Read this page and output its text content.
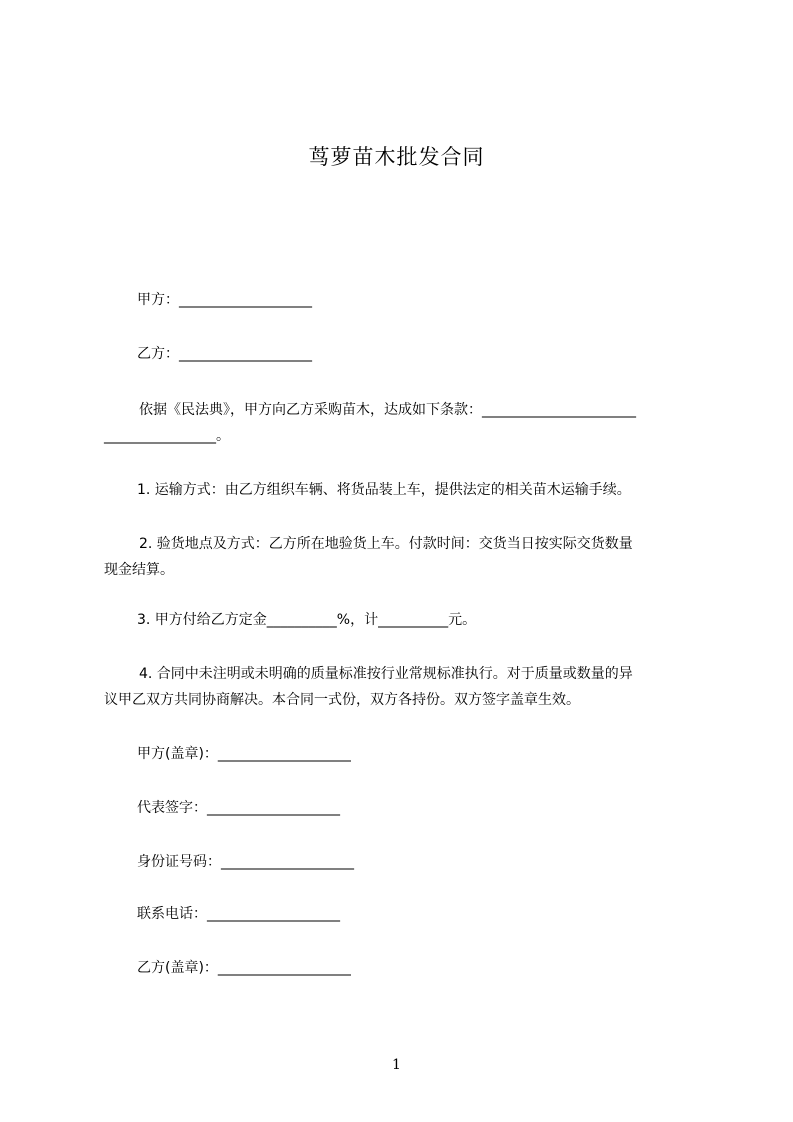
茑萝苗木批发合同
甲方：___________________
乙方：___________________
依据《民法典》，甲方向乙方采购苗木，达成如下条款：______________________
________________。
1. 运输方式：由乙方组织车辆、将货品装上车，提供法定的相关苗木运输手续。
2. 验货地点及方式：乙方所在地验货上车。付款时间：交货当日按实际交货数量
现金结算。
3. 甲方付给乙方定金__________%，计__________元。
4. 合同中未注明或未明确的质量标准按行业常规标准执行。对于质量或数量的异
议甲乙双方共同协商解决。本合同一式份，双方各持份。双方签字盖章生效。
甲方(盖章)：___________________
代表签字：___________________
身份证号码：___________________
联系电话：___________________
乙方(盖章)：___________________
1
